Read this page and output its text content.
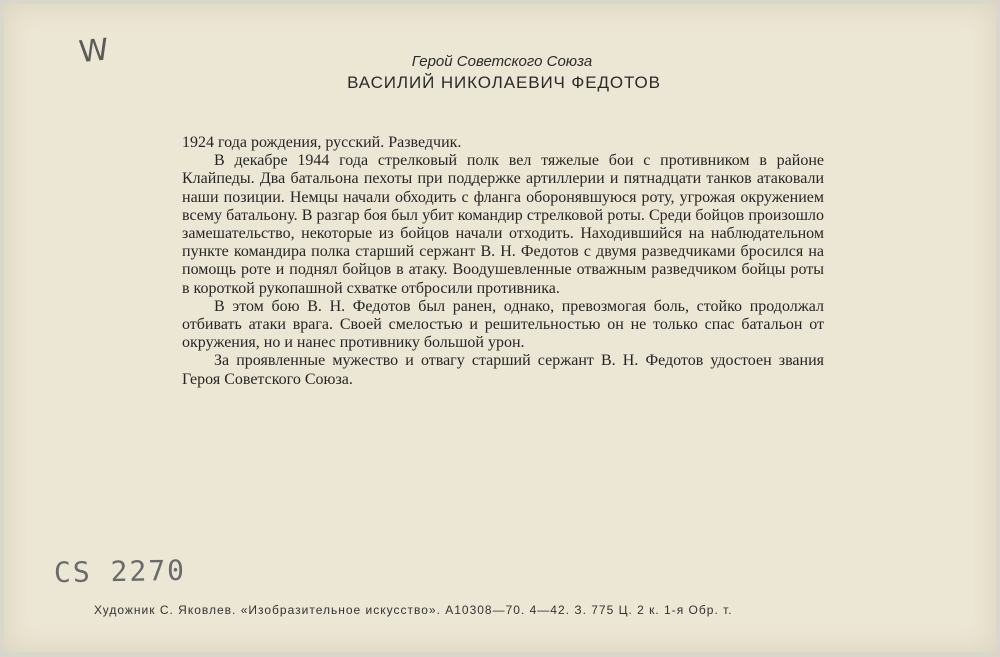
W	Герой Советского Союза
ВАСИЛИЙ НИКОЛАЕВИЧ ФЕДОТОВ

1924 года рождения, русский. Разведчик.

В декабре 1944 года стрелковый полк вел тяжелые бои с противником в районе Клайпеды. Два батальона пехоты при поддержке артиллерии и пятнадцати танков атаковали наши позиции. Немцы начали обходить с фланга оборонявшуюся роту, угрожая окружением всему батальону. В разгар боя был убит командир стрелковой роты. Среди бойцов произошло замешательство, некоторые из бойцов начали отходить. Находившийся на наблюдательном пункте командира полка старший сержант В. Н. Федотов с двумя разведчиками бросился на помощь роте и поднял бойцов в атаку. Воодушевленные отважным разведчиком бойцы роты в короткой рукопашной схватке отбросили противника.

В этом бою В. Н. Федотов был ранен, однако, превозмогая боль, стойко продолжал отбивать атаки врага. Своей смелостью и решительностью он не только спас батальон от окружения, но и нанес противнику большой урон.

За проявленные мужество и отвагу старший сержант В. Н. Федотов удостоен звания Героя Советского Союза.

CS 2270
Художник С. Яковлев. «Изобразительное искусство». А10308—70. 4—42. З. 775 Ц. 2 к. 1-я Обр. т.
